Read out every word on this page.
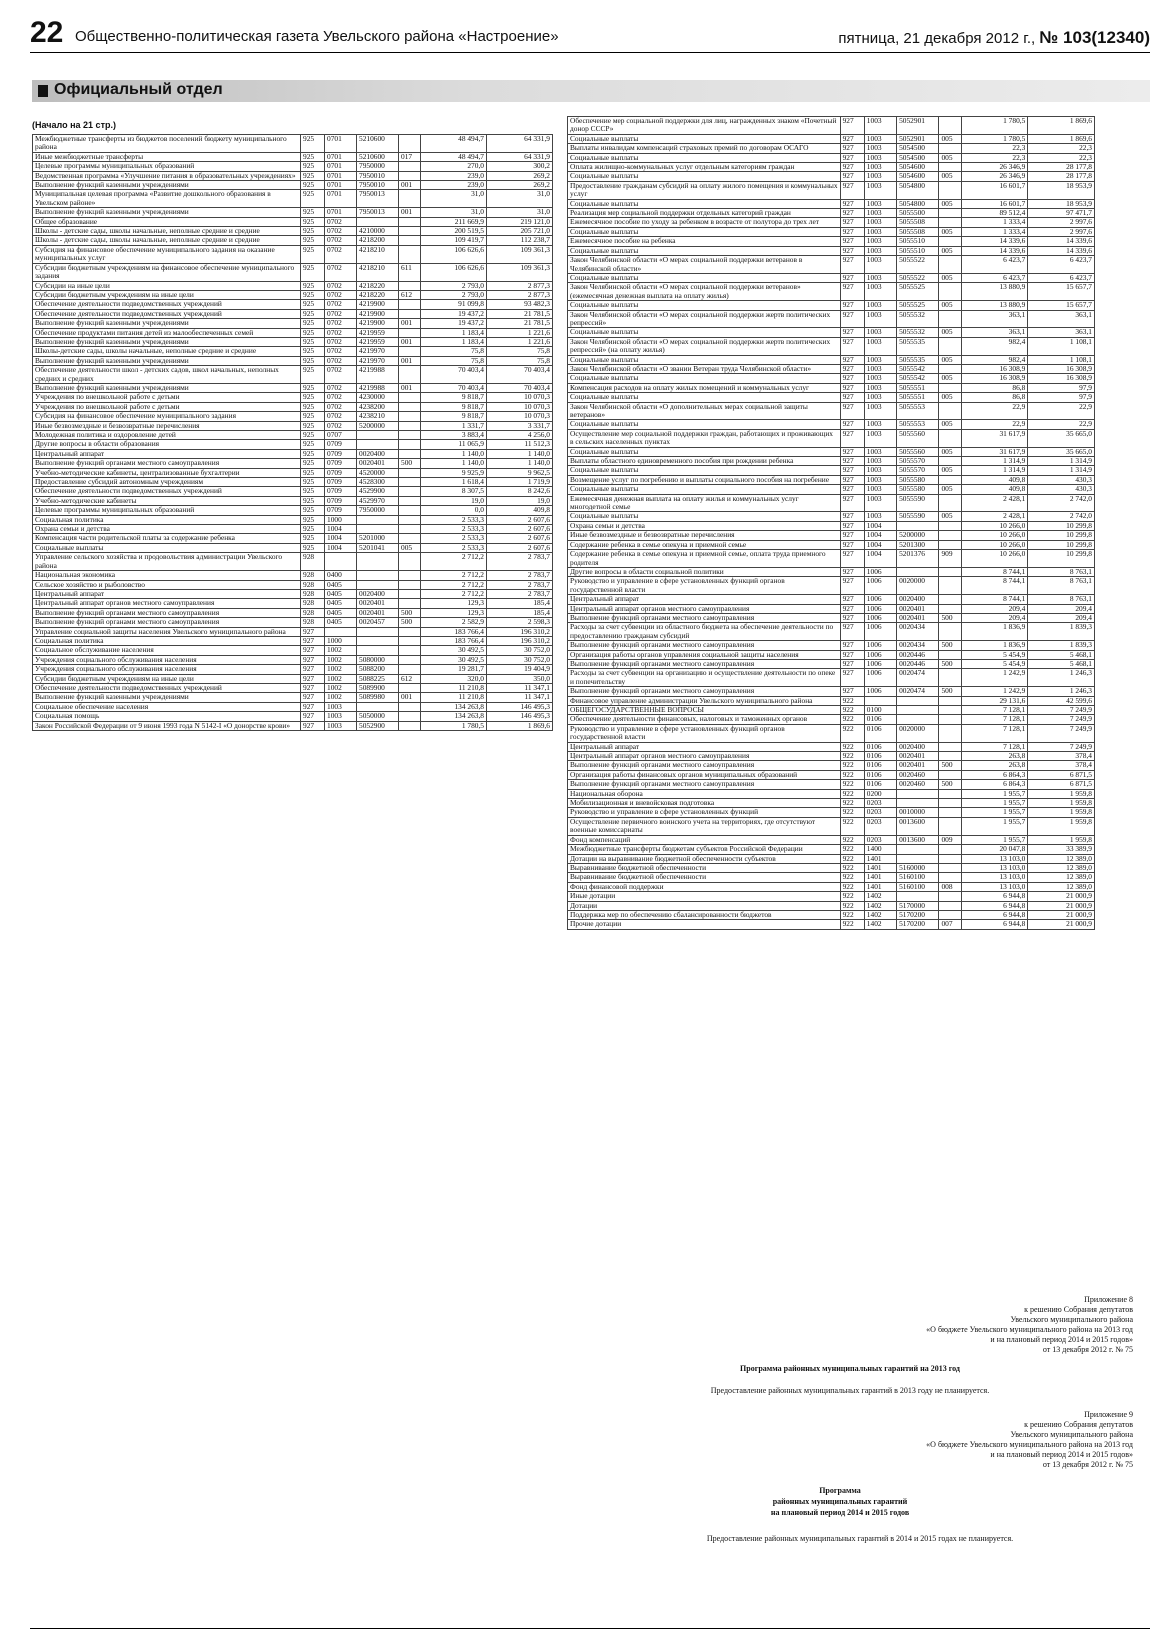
22 Общественно-политическая газета Увельского района «Настроение»	пятница, 21 декабря 2012 г., № 103(12340)
Официальный отдел
(Начало на 21 стр.)
Межбюджетные трансферты из бюджетов поселений бюджету муниципального района	925	0701	5210600		48 494,7	64 331,9
Иные межбюджетные трансферты	925	0701	5210600	017	48 494,7	64 331,9
Целевые программы муниципальных образований	925	0701	7950000		270,0	300,2
Ведомственная программа «Улучшение питания в образовательных учреждениях»	925	0701	7950010		239,0	269,2
Выполнение функций казенными учреждениями	925	0701	7950010	001	239,0	269,2
Муниципальная целевая программа «Развитие дошкольного образования в Увельском районе»	925	0701	7950013		31,0	31,0
Выполнение функций казенными учреждениями	925	0701	7950013	001	31,0	31,0
Общее образование	925	0702			211 669,9	219 121,0
Школы - детские сады, школы начальные, неполные средние и средние	925	0702	4210000		200 519,5	205 721,0
Школы - детские сады, школы начальные, неполные средние и средние	925	0702	4218200		109 419,7	112 238,7
Субсидия на финансовое обеспечение муниципального задания на оказание муниципальных услуг	925	0702	4218210		106 626,6	109 361,3
Субсидии бюджетным учреждениям на финансовое обеспечение муниципального задания	925	0702	4218210	611	106 626,6	109 361,3
Субсидии на иные цели	925	0702	4218220		2 793,0	2 877,3
Субсидии бюджетным учреждениям на иные цели	925	0702	4218220	612	2 793,0	2 877,3
Обеспечение деятельности подведомственных учреждений	925	0702	4219900		91 099,8	93 482,3
Обеспечение деятельности подведомственных учреждений	925	0702	4219900		19 437,2	21 781,5
Выполнение функций казенными учреждениями	925	0702	4219900	001	19 437,2	21 781,5
Обеспечение продуктами питания детей из малообеспеченных семей	925	0702	4219959		1 183,4	1 221,6
Выполнение функций казенными учреждениями	925	0702	4219959	001	1 183,4	1 221,6
Школы-детские сады, школы начальные, неполные средние и средние	925	0702	4219970		75,8	75,8
Выполнение функций казенными учреждениями	925	0702	4219970	001	75,8	75,8
Обеспечение деятельности школ - детских садов, школ начальных, неполных средних и средних	925	0702	4219988		70 403,4	70 403,4
Выполнение функций казенными учреждениями	925	0702	4219988	001	70 403,4	70 403,4
Учреждения по внешкольной работе с детьми	925	0702	4230000		9 818,7	10 070,3
Учреждения по внешкольной работе с детьми	925	0702	4238200		9 818,7	10 070,3
Субсидия на финансовое обеспечение муниципального задания	925	0702	4238210		9 818,7	10 070,3
Иные безвозмездные и безвозвратные перечисления	925	0702	5200000		1 331,7	3 331,7
Молодежная политика и оздоровление детей	925	0707			3 883,4	4 256,0
Другие вопросы в области образования	925	0709			11 065,9	11 512,3
Центральный аппарат	925	0709	0020400		1 140,0	1 140,0
Выполнение функций органами местного самоуправления	925	0709	0020401	500	1 140,0	1 140,0
Учебно-методические кабинеты, централизованные бухгалтерии	925	0709	4520000		9 925,9	9 962,5
Предоставление субсидий автономным учреждениям	925	0709	4528300		1 618,4	1 719,9
Обеспечение деятельности подведомственных учреждений	925	0709	4529900		8 307,5	8 242,6
Учебно-методические кабинеты	925	0709	4529970		19,0	19,0
Целевые программы муниципальных образований	925	0709	7950000		0,0	409,8
Социальная политика	925	1000			2 533,3	2 607,6
Охрана семьи и детства	925	1004			2 533,3	2 607,6
Компенсация части родительской платы за содержание ребенка	925	1004	5201000		2 533,3	2 607,6
Социальные выплаты	925	1004	5201041	005	2 533,3	2 607,6
Управление сельского хозяйства и продовольствия администрации Увельского района	928				2 712,2	2 783,7
Национальная экономика	928	0400			2 712,2	2 783,7
Сельское хозяйство и рыболовство	928	0405			2 712,2	2 783,7
Центральный аппарат	928	0405	0020400		2 712,2	2 783,7
Центральный аппарат органов местного самоуправления	928	0405	0020401		129,3	185,4
Выполнение функций органами местного самоуправления	928	0405	0020401	500	129,3	185,4
Выполнение функций органами местного самоуправления	928	0405	0020457	500	2 582,9	2 598,3
Управление социальной защиты населения Увельского муниципального района	927				183 766,4	196 310,2
Социальная политика	927	1000			183 766,4	196 310,2
Социальное обслуживание населения	927	1002			30 492,5	30 752,0
Учреждения социального обслуживания населения	927	1002	5080000		30 492,5	30 752,0
Учреждения социального обслуживания населения	927	1002	5088200		19 281,7	19 404,9
Субсидии бюджетным учреждениям на иные цели	927	1002	5088225	612	320,0	350,0
Обеспечение деятельности подведомственных учреждений	927	1002	5089900		11 210,8	11 347,1
Выполнение функций казенными учреждениями	927	1002	5089980	001	11 210,8	11 347,1
Социальное обеспечение населения	927	1003			134 263,8	146 495,3
Социальная помощь	927	1003	5050000		134 263,8	146 495,3
Закон Российской Федерации от 9 июня 1993 года N 5142-I «О донорстве крови»	927	1003	5052900		1 780,5	1 869,6
Обеспечение мер социальной поддержки для лиц, награжденных знаком «Почетный донор СССР»	927	1003	5052901		1 780,5	1 869,6
Социальные выплаты	927	1003	5052901	005	1 780,5	1 869,6
Выплаты инвалидам компенсаций страховых премий по договорам ОСАГО	927	1003	5054500		22,3	22,3
Социальные выплаты	927	1003	5054500	005	22,3	22,3
Оплата жилищно-коммунальных услуг отдельным категориям граждан	927	1003	5054600		26 346,9	28 177,8
Социальные выплаты	927	1003	5054600	005	26 346,9	28 177,8
Предоставление гражданам субсидий на оплату жилого помещения и коммунальных услуг	927	1003	5054800		16 601,7	18 953,9
Социальные выплаты	927	1003	5054800	005	16 601,7	18 953,9
Реализация мер социальной поддержки отдельных категорий граждан	927	1003	5055500		89 512,4	97 471,7
Ежемесячное пособие по уходу за ребенком в возрасте от полутора до трех лет	927	1003	5055508		1 333,4	2 997,6
Социальные выплаты	927	1003	5055508	005	1 333,4	2 997,6
Ежемесячное пособие на ребенка	927	1003	5055510		14 339,6	14 339,6
Социальные выплаты	927	1003	5055510	005	14 339,6	14 339,6
Закон Челябинской области «О мерах социальной поддержки ветеранов в Челябинской области»	927	1003	5055522		6 423,7	6 423,7
Социальные выплаты	927	1003	5055522	005	6 423,7	6 423,7
Закон Челябинской области «О мерах социальной поддержки ветеранов» (ежемесячная денежная выплата на оплату жилья)	927	1003	5055525		13 880,9	15 657,7
Социальные выплаты	927	1003	5055525	005	13 880,9	15 657,7
Закон Челябинской области «О мерах социальной поддержки жертв политических репрессий»	927	1003	5055532		363,1	363,1
Социальные выплаты	927	1003	5055532	005	363,1	363,1
Закон Челябинской области «О мерах социальной поддержки жертв политических репрессий» (на оплату жилья)	927	1003	5055535		982,4	1 108,1
Социальные выплаты	927	1003	5055535	005	982,4	1 108,1
Закон Челябинской области «О звании Ветеран труда Челябинской области»	927	1003	5055542		16 308,9	16 308,9
Социальные выплаты	927	1003	5055542	005	16 308,9	16 308,9
Компенсация расходов на оплату жилых помещений и коммунальных услуг	927	1003	5055551		86,8	97,9
Социальные выплаты	927	1003	5055551	005	86,8	97,9
Закон Челябинской области «О дополнительных мерах социальной защиты ветеранов»	927	1003	5055553		22,9	22,9
Социальные выплаты	927	1003	5055553	005	22,9	22,9
Осуществление мер социальной поддержки граждан, работающих и проживающих в сельских населенных пунктах	927	1003	5055560		31 617,9	35 665,0
Социальные выплаты	927	1003	5055560	005	31 617,9	35 665,0
Выплаты областного единовременного пособия при рождении ребенка	927	1003	5055570		1 314,9	1 314,9
Социальные выплаты	927	1003	5055570	005	1 314,9	1 314,9
Возмещение услуг по погребению и выплаты социального пособия на погребение	927	1003	5055580		409,8	430,3
Социальные выплаты	927	1003	5055580	005	409,8	430,3
Ежемесячная денежная выплата на оплату жилья и коммунальных услуг многодетной семье	927	1003	5055590		2 428,1	2 742,0
Социальные выплаты	927	1003	5055590	005	2 428,1	2 742,0
Охрана семьи и детства	927	1004			10 266,0	10 299,8
Иные безвозмездные и безвозвратные перечисления	927	1004	5200000		10 266,0	10 299,8
Содержание ребенка в семье опекуна и приемной семье	927	1004	5201300		10 266,0	10 299,8
Содержание ребенка в семье опекуна и приемной семье, оплата труда приемного родителя	927	1004	5201376	909	10 266,0	10 299,8
Другие вопросы в области социальной политики	927	1006			8 744,1	8 763,1
Руководство и управление в сфере установленных функций органов государственной власти	927	1006	0020000		8 744,1	8 763,1
Центральный аппарат	927	1006	0020400		8 744,1	8 763,1
Центральный аппарат органов местного самоуправления	927	1006	0020401		209,4	209,4
Выполнение функций органами местного самоуправления	927	1006	0020401	500	209,4	209,4
Расходы за счет субвенции из областного бюджета на обеспечение деятельности по предоставлению гражданам субсидий	927	1006	0020434		1 836,9	1 839,3
Выполнение функций органами местного самоуправления	927	1006	0020434	500	1 836,9	1 839,3
Организация работы органов управления социальной защиты населения	927	1006	0020446		5 454,9	5 468,1
Выполнение функций органами местного самоуправления	927	1006	0020446	500	5 454,9	5 468,1
Расходы за счет субвенции на организацию и осуществление деятельности по опеке и попечительству	927	1006	0020474		1 242,9	1 246,3
Выполнение функций органами местного самоуправления	927	1006	0020474	500	1 242,9	1 246,3
Финансовое управление администрации Увельского муниципального района	922				29 131,6	42 599,6
ОБЩЕГОСУДАРСТВЕННЫЕ ВОПРОСЫ	922	0100			7 128,1	7 249,9
Обеспечение деятельности финансовых, налоговых и таможенных органов	922	0106			7 128,1	7 249,9
Руководство и управление в сфере установленных функций органов государственной власти	922	0106	0020000		7 128,1	7 249,9
Центральный аппарат	922	0106	0020400		7 128,1	7 249,9
Центральный аппарат органов местного самоуправления	922	0106	0020401		263,8	378,4
Выполнение функций органами местного самоуправления	922	0106	0020401	500	263,8	378,4
Организация работы финансовых органов муниципальных образований	922	0106	0020460		6 864,3	6 871,5
Выполнение функций органами местного самоуправления	922	0106	0020460	500	6 864,3	6 871,5
Национальная оборона	922	0200			1 955,7	1 959,8
Мобилизационная и вневойсковая подготовка	922	0203			1 955,7	1 959,8
Руководство и управление в сфере установленных функций	922	0203	0010000		1 955,7	1 959,8
Осуществление первичного воинского учета на территориях, где отсутствуют военные комиссариаты	922	0203	0013600		1 955,7	1 959,8
Фонд компенсаций	922	0203	0013600	009	1 955,7	1 959,8
Межбюджетные трансферты бюджетам субъектов Российской Федерации	922	1400			20 047,8	33 389,9
Дотации на выравнивание бюджетной обеспеченности субъектов	922	1401			13 103,0	12 389,0
Выравнивание бюджетной обеспеченности	922	1401	5160000		13 103,0	12 389,0
Выравнивание бюджетной обеспеченности	922	1401	5160100		13 103,0	12 389,0
Фонд финансовой поддержки	922	1401	5160100	008	13 103,0	12 389,0
Иные дотации	922	1402			6 944,8	21 000,9
Дотации	922	1402	5170000		6 944,8	21 000,9
Поддержка мер по обеспечению сбалансированности бюджетов	922	1402	5170200		6 944,8	21 000,9
Прочие дотации	922	1402	5170200	007	6 944,8	21 000,9
Приложение 8
к решению Собрания депутатов
Увельского муниципального района
«О бюджете Увельского муниципального района на 2013 год
и на плановый период 2014 и 2015 годов»
от 13 декабря 2012 г. № 75
Программа районных муниципальных гарантий на 2013 год
Предоставление районных муниципальных гарантий в 2013 году не планируется.
Приложение 9
к решению Собрания депутатов
Увельского муниципального района
«О бюджете Увельского муниципального района на 2013 год
и на плановый период 2014 и 2015 годов»
от 13 декабря 2012 г. № 75
Программа
районных муниципальных гарантий
на плановый период 2014 и 2015 годов
Предоставление районных муниципальных гарантий в 2014 и 2015 годах не планируется.
